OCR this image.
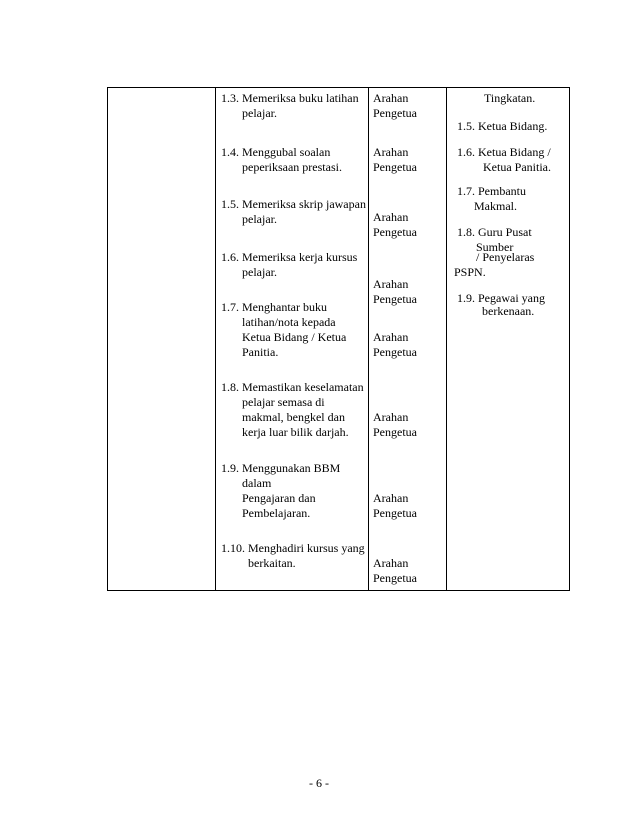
1.3. Memeriksa buku latihan
pelajar.
1.4. Menggubal soalan
peperiksaan prestasi.
1.5. Memeriksa skrip jawapan
pelajar.
1.6. Memeriksa kerja kursus
pelajar.
1.7. Menghantar buku
latihan/nota kepada
Ketua Bidang / Ketua
Panitia.
1.8. Memastikan keselamatan
pelajar semasa di
makmal, bengkel dan
kerja luar bilik darjah.
1.9. Menggunakan BBM
dalam
Pengajaran dan
Pembelajaran.
1.10. Menghadiri kursus yang
berkaitan.
Arahan
Pengetua
Arahan
Pengetua
Arahan
Pengetua
Arahan
Pengetua
Arahan
Pengetua
Arahan
Pengetua
Arahan
Pengetua
Arahan
Pengetua
Tingkatan.
1.5. Ketua Bidang.
1.6. Ketua Bidang /
Ketua Panitia.
1.7. Pembantu
Makmal.
1.8. Guru Pusat
Sumber
/ Penyelaras
PSPN.
1.9. Pegawai yang
berkenaan.
- 6 -
